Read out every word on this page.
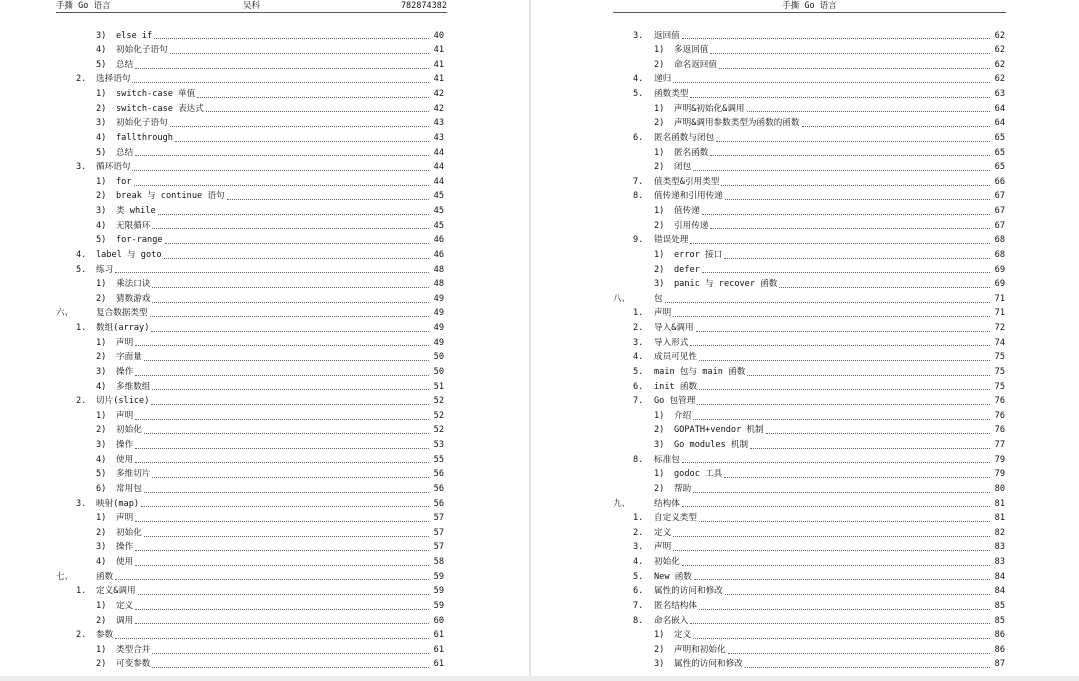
手撕 Go 语言	吴科	782874382
3) else if	40
4) 初始化子语句	41
5) 总结	41
2. 选择语句	41
1) switch-case 单值	42
2) switch-case 表达式	42
3) 初始化子语句	43
4) fallthrough	43
5) 总结	44
3. 循环语句	44
1) for	44
2) break 与 continue 语句	45
3) 类 while	45
4) 无限循环	45
5) for-range	46
4. label 与 goto	46
5. 练习	48
1) 乘法口诀	48
2) 猜数游戏	49
六、	复合数据类型	49
1. 数组(array)	49
1) 声明	49
2) 字面量	50
3) 操作	50
4) 多维数组	51
2. 切片(slice)	52
1) 声明	52
2) 初始化	52
3) 操作	53
4) 使用	55
5) 多维切片	56
6) 常用包	56
3. 映射(map)	56
1) 声明	57
2) 初始化	57
3) 操作	57
4) 使用	58
七、	函数	59
1. 定义&调用	59
1) 定义	59
2) 调用	60
2. 参数	61
1) 类型合并	61
2) 可变参数	61
手撕 Go 语言
3. 返回值	62
1) 多返回值	62
2) 命名返回值	62
4. 递归	62
5. 函数类型	63
1) 声明&初始化&调用	64
2) 声明&调用参数类型为函数的函数	64
6. 匿名函数与闭包	65
1) 匿名函数	65
2) 闭包	65
7. 值类型&引用类型	66
8. 值传递和引用传递	67
1) 值传递	67
2) 引用传递	67
9. 错误处理	68
1) error 接口	68
2) defer	69
3) panic 与 recover 函数	69
八、	包	71
1. 声明	71
2. 导入&调用	72
3. 导入形式	74
4. 成员可见性	75
5. main 包与 main 函数	75
6. init 函数	75
7. Go 包管理	76
1) 介绍	76
2) GOPATH+vendor 机制	76
3) Go modules 机制	77
8. 标准包	79
1) godoc 工具	79
2) 帮助	80
九、	结构体	81
1. 自定义类型	81
2. 定义	82
3. 声明	83
4. 初始化	83
5. New 函数	84
6. 属性的访问和修改	84
7. 匿名结构体	85
8. 命名嵌入	85
1) 定义	86
2) 声明和初始化	86
3) 属性的访问和修改	87
